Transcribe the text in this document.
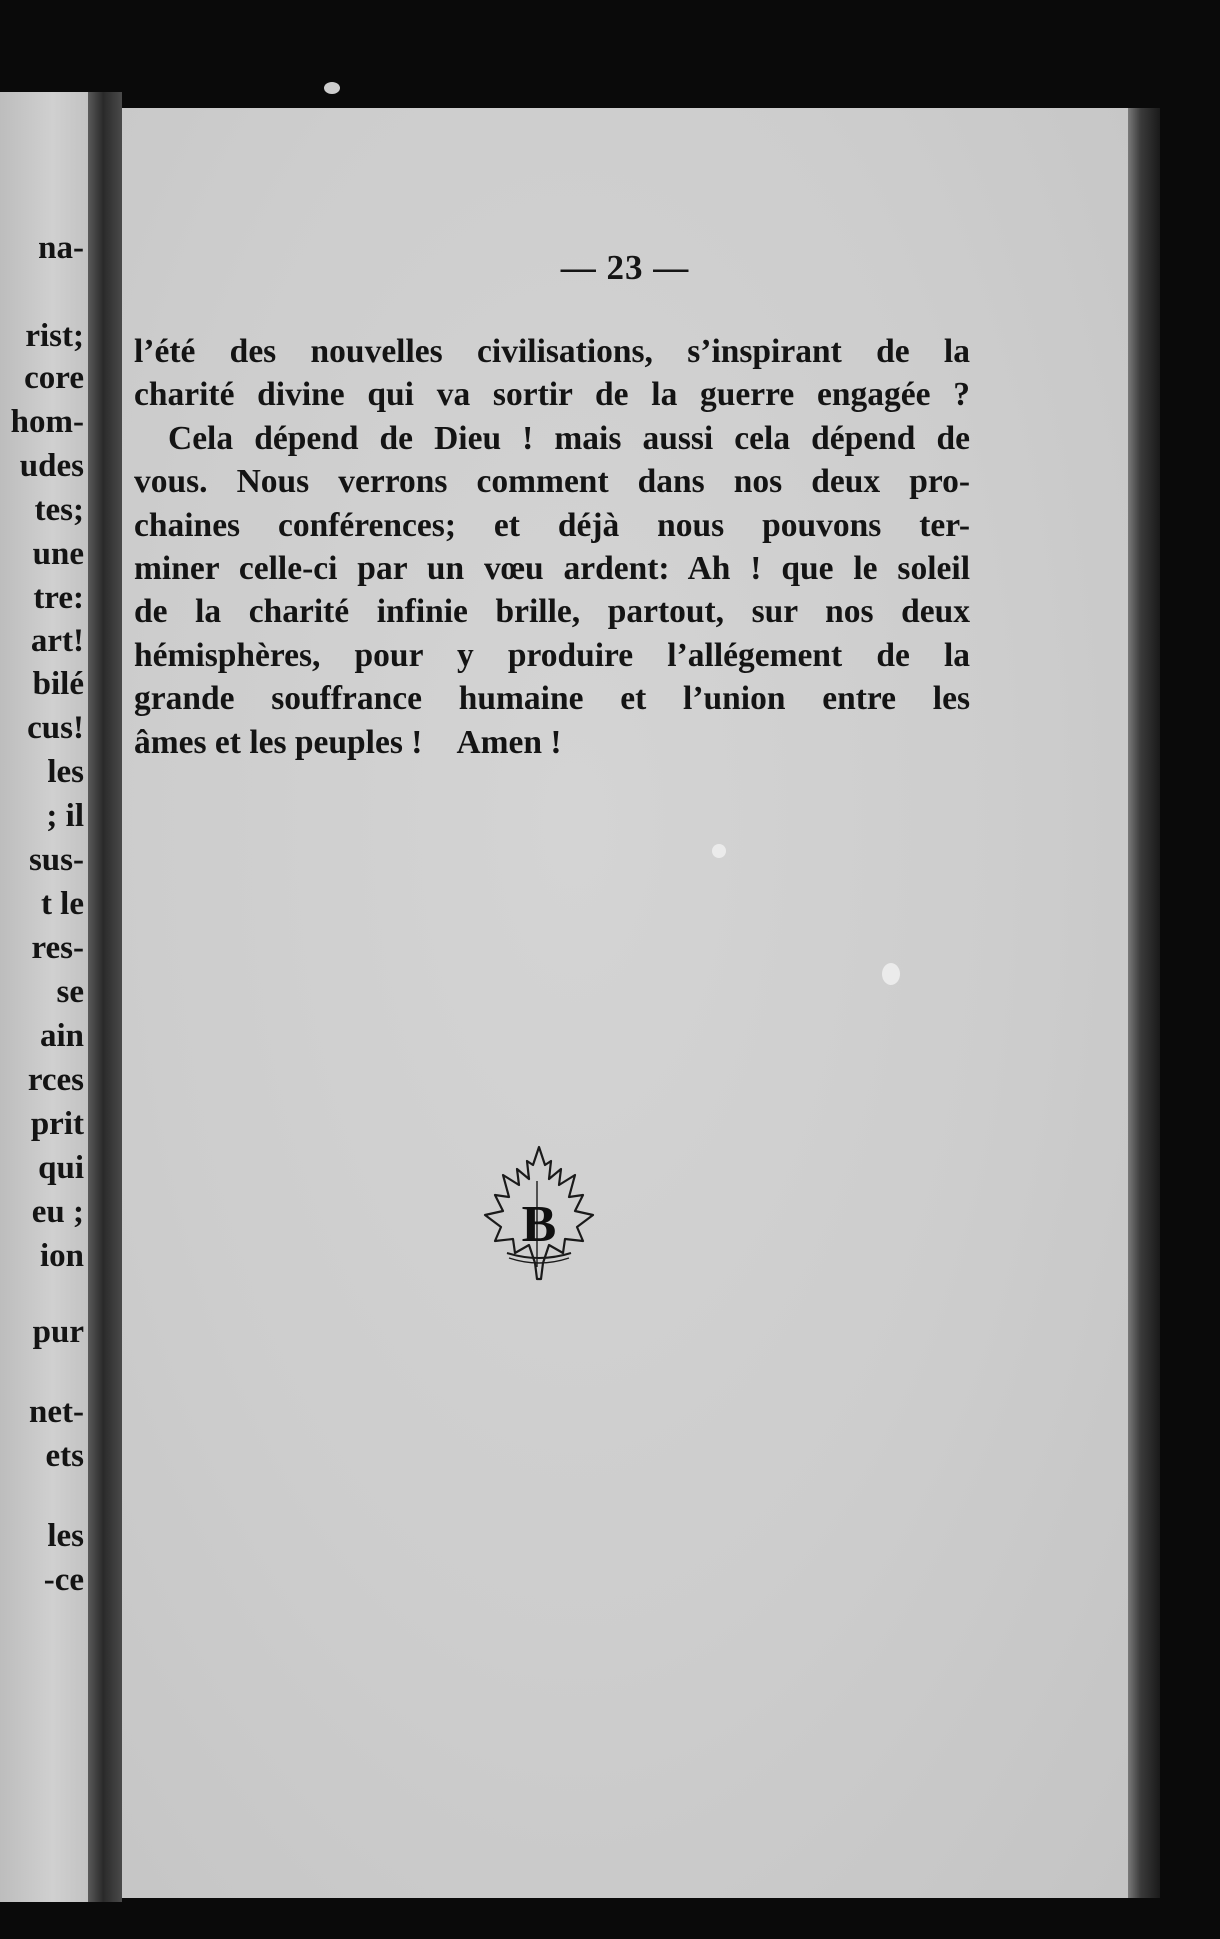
na-
rist;
core
hom-
udes
tes;
une
tre:
art!
bilé
cus!
les
; il
sus-
t le
res-
se
ain
rces
prit
qui
eu ;
ion
pur
net-
ets
les
-ce
— 23 —
l’été des nouvelles civilisations, s’inspirant de la
charité divine qui va sortir de la guerre engagée ?
Cela dépend de Dieu ! mais aussi cela dépend de
vous. Nous verrons comment dans nos deux pro-
chaines conférences; et déjà nous pouvons ter-
miner celle-ci par un vœu ardent: Ah ! que le soleil
de la charité infinie brille, partout, sur nos deux
hémisphères, pour y produire l’allégement de la
grande souffrance humaine et l’union entre les
âmes et les peuples ! Amen !
B
